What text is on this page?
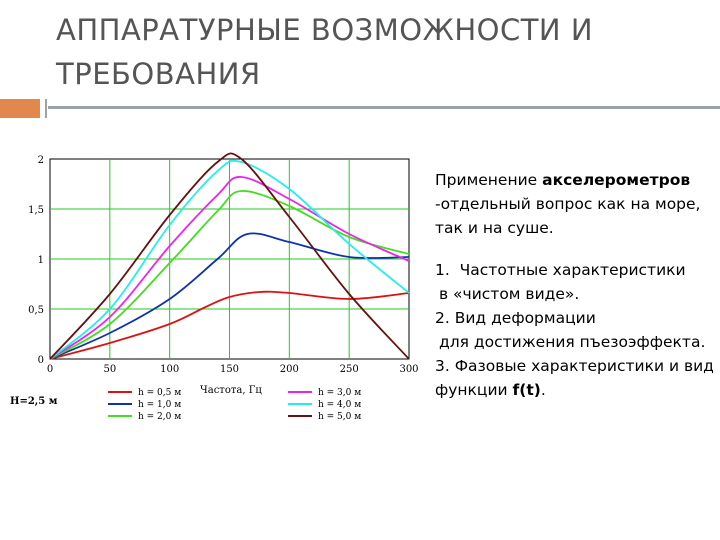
АППАРАТУРНЫЕ ВОЗМОЖНОСТИ И
ТРЕБОВАНИЯ
0	50	100	150	200	250	300
0
0,5
1
1,5
2
Частота, Гц
H=2,5 м
h = 0,5 м
h = 1,0 м
h = 2,0 м
h = 3,0 м
h = 4,0 м
h = 5,0 м

Применение акселерометров
-отдельный вопрос как на море, так и на суше.

1. Частотные характеристики

в «чистом виде».

2. Вид деформации

для достижения пъезоэффекта.

3. Фазовые характеристики и вид функции f(t).
